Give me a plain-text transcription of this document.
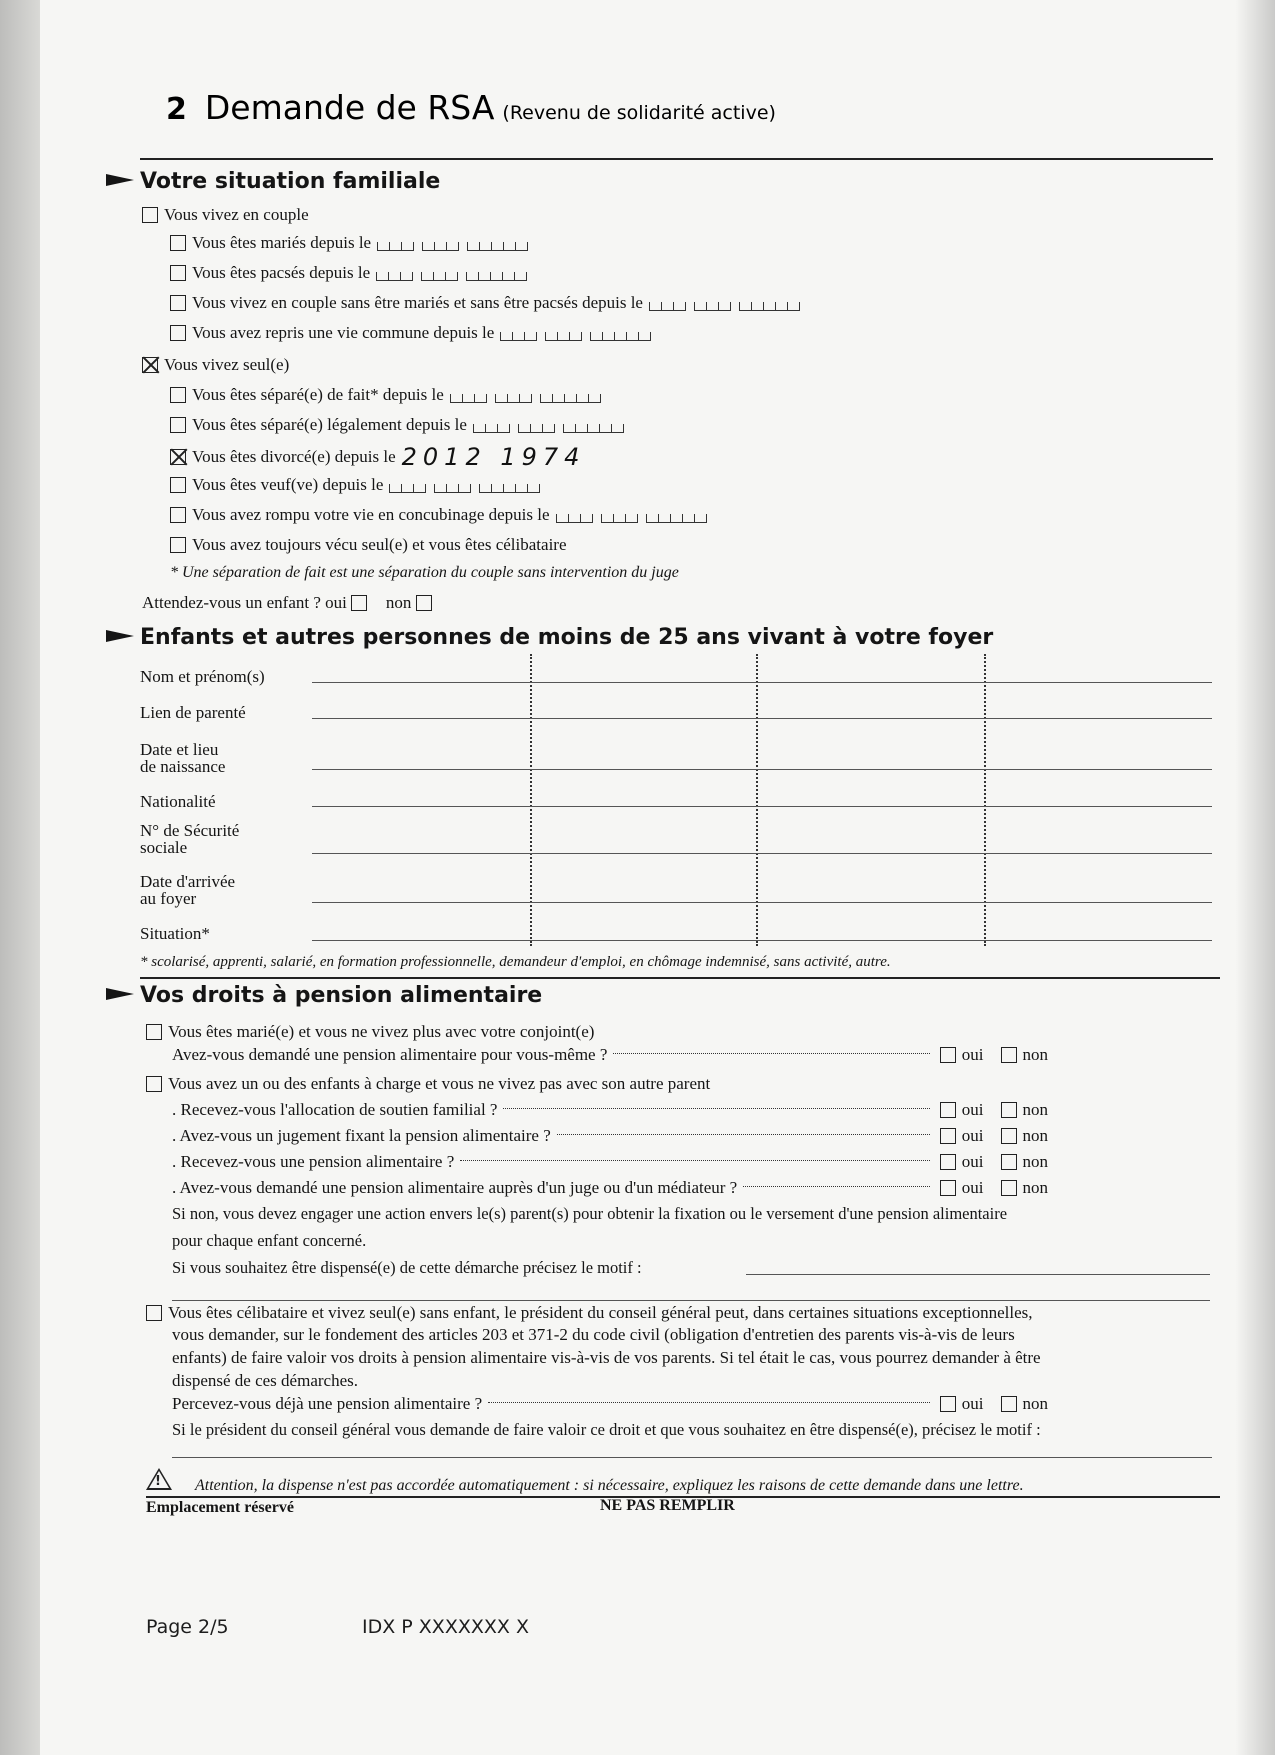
2 Demande de RSA (Revenu de solidarité active)
Votre situation familiale
Vous vivez en couple
Vous êtes mariés depuis le
Vous êtes pacsés depuis le
Vous vivez en couple sans être mariés et sans être pacsés depuis le
Vous avez repris une vie commune depuis le
Vous vivez seul(e)
Vous êtes séparé(e) de fait* depuis le
Vous êtes séparé(e) légalement depuis le
Vous êtes divorcé(e) depuis le 2012 1974
Vous êtes veuf(ve) depuis le
Vous avez rompu votre vie en concubinage depuis le
Vous avez toujours vécu seul(e) et vous êtes célibataire
* Une séparation de fait est une séparation du couple sans intervention du juge
Attendez-vous un enfant ?
oui

non

Enfants et autres personnes de moins de 25 ans vivant à votre foyer
Nom et prénom(s)
Lien de parenté
Date et lieu
de naissance
Nationalité
N° de Sécurité
sociale
Date d'arrivée
au foyer
Situation*
* scolarisé, apprenti, salarié, en formation professionnelle, demandeur d'emploi, en chômage indemnisé, sans activité, autre.
Vos droits à pension alimentaire
Vous êtes marié(e) et vous ne vivez plus avec votre conjoint(e)
Avez-vous demandé une pension alimentaire pour vous-même ?	oui
non
Vous avez un ou des enfants à charge et vous ne vivez pas avec son autre parent
. Recevez-vous l'allocation de soutien familial ?	oui
non
. Avez-vous un jugement fixant la pension alimentaire ?	oui
non
. Recevez-vous une pension alimentaire ?	oui
non
. Avez-vous demandé une pension alimentaire auprès d'un juge ou d'un médiateur ?	oui
non
Si non, vous devez engager une action envers le(s) parent(s) pour obtenir la fixation ou le versement d'une pension alimentaire
pour chaque enfant concerné.
Si vous souhaitez être dispensé(e) de cette démarche précisez le motif :
Vous êtes célibataire et vivez seul(e) sans enfant, le président du conseil général peut, dans certaines situations exceptionnelles,
vous demander, sur le fondement des articles 203 et 371-2 du code civil (obligation d'entretien des parents vis-à-vis de leurs
enfants) de faire valoir vos droits à pension alimentaire vis-à-vis de vos parents. Si tel était le cas, vous pourrez demander à être
dispensé de ces démarches.
Percevez-vous déjà une pension alimentaire ?	oui
non
Si le président du conseil général vous demande de faire valoir ce droit et que vous souhaitez en être dispensé(e), précisez le motif :
! Attention, la dispense n'est pas accordée automatiquement : si nécessaire, expliquez les raisons de cette demande dans une lettre.
Emplacement réservé	NE PAS REMPLIR
Page 2/5	IDX P XXXXXXX X
